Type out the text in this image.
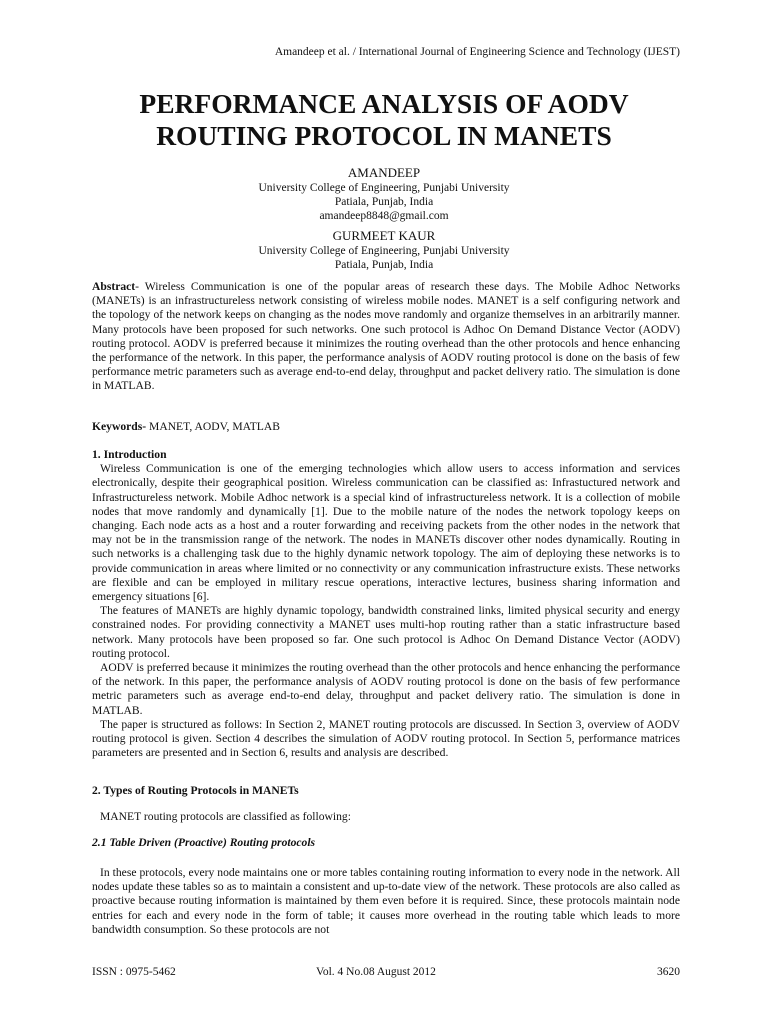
Amandeep et al. / International Journal of Engineering Science and Technology (IJEST)
PERFORMANCE ANALYSIS OF AODV
ROUTING PROTOCOL IN MANETS
AMANDEEP
University College of Engineering, Punjabi University
Patiala, Punjab, India
amandeep8848@gmail.com
GURMEET KAUR
University College of Engineering, Punjabi University
Patiala, Punjab, India

Abstract- Wireless Communication is one of the popular areas of research these days. The Mobile Adhoc Networks (MANETs) is an infrastructureless network consisting of wireless mobile nodes. MANET is a self configuring network and the topology of the network keeps on changing as the nodes move randomly and organize themselves in an arbitrarily manner. Many protocols have been proposed for such networks. One such protocol is Adhoc On Demand Distance Vector (AODV) routing protocol. AODV is preferred because it minimizes the routing overhead than the other protocols and hence enhancing the performance of the network. In this paper, the performance analysis of AODV routing protocol is done on the basis of few performance metric parameters such as average end-to-end delay, throughput and packet delivery ratio. The simulation is done in MATLAB.

Keywords- MANET, AODV, MATLAB

1. Introduction

Wireless Communication is one of the emerging technologies which allow users to access information and services electronically, despite their geographical position. Wireless communication can be classified as: Infrastuctured network and Infrastructureless network. Mobile Adhoc network is a special kind of infrastructureless network. It is a collection of mobile nodes that move randomly and dynamically [1]. Due to the mobile nature of the nodes the network topology keeps on changing. Each node acts as a host and a router forwarding and receiving packets from the other nodes in the network that may not be in the transmission range of the network. The nodes in MANETs discover other nodes dynamically. Routing in such networks is a challenging task due to the highly dynamic network topology. The aim of deploying these networks is to provide communication in areas where limited or no connectivity or any communication infrastructure exists. These networks are flexible and can be employed in military rescue operations, interactive lectures, business sharing information and emergency situations [6].

The features of MANETs are highly dynamic topology, bandwidth constrained links, limited physical security and energy constrained nodes. For providing connectivity a MANET uses multi-hop routing rather than a static infrastructure based network. Many protocols have been proposed so far. One such protocol is Adhoc On Demand Distance Vector (AODV) routing protocol.

AODV is preferred because it minimizes the routing overhead than the other protocols and hence enhancing the performance of the network. In this paper, the performance analysis of AODV routing protocol is done on the basis of few performance metric parameters such as average end-to-end delay, throughput and packet delivery ratio. The simulation is done in MATLAB.

The paper is structured as follows: In Section 2, MANET routing protocols are discussed. In Section 3, overview of AODV routing protocol is given. Section 4 describes the simulation of AODV routing protocol. In Section 5, performance matrices parameters are presented and in Section 6, results and analysis are described.

2. Types of Routing Protocols in MANETs

MANET routing protocols are classified as following:

2.1 Table Driven (Proactive) Routing protocols

In these protocols, every node maintains one or more tables containing routing information to every node in the network. All nodes update these tables so as to maintain a consistent and up-to-date view of the network. These protocols are also called as proactive because routing information is maintained by them even before it is required. Since, these protocols maintain node entries for each and every node in the form of table; it causes more overhead in the routing table which leads to more bandwidth consumption. So these protocols are not

ISSN : 0975-5462	Vol. 4 No.08 August 2012	3620
